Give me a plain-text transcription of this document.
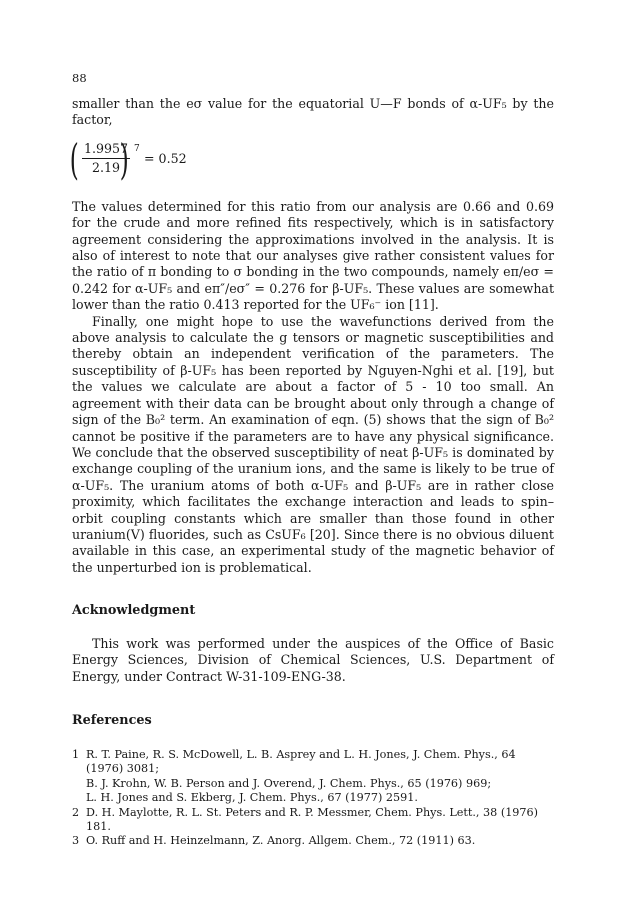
88

smaller than the eσ value for the equatorial U—F bonds of α-UF₅ by the factor,

( $\frac{1.9957}{2.19}$
) 7
= 0.52

The values determined for this ratio from our analysis are 0.66 and 0.69 for the crude and more refined fits respectively, which is in satisfactory agreement considering the approximations involved in the analysis. It is also of interest to note that our analyses give rather consistent values for the ratio of π bonding to σ bonding in the two compounds, namely eπ/eσ = 0.242 for α-UF₅ and eπ″/eσ″ = 0.276 for β-UF₅. These values are somewhat lower than the ratio 0.413 reported for the UF₆⁻ ion [11].

Finally, one might hope to use the wavefunctions derived from the above analysis to calculate the g tensors or magnetic susceptibilities and thereby obtain an independent verification of the parameters. The susceptibility of β-UF₅ has been reported by Nguyen-Nghi et al. [19], but the values we calculate are about a factor of 5 - 10 too small. An agreement with their data can be brought about only through a change of sign of the B₀² term. An examination of eqn. (5) shows that the sign of B₀² cannot be positive if the parameters are to have any physical significance. We conclude that the observed susceptibility of neat β-UF₅ is dominated by exchange coupling of the uranium ions, and the same is likely to be true of α-UF₅. The uranium atoms of both α-UF₅ and β-UF₅ are in rather close proximity, which facilitates the exchange interaction and leads to spin–orbit coupling constants which are smaller than those found in other uranium(V) fluorides, such as CsUF₆ [20]. Since there is no obvious diluent available in this case, an experimental study of the magnetic behavior of the unperturbed ion is problematical.

Acknowledgment

This work was performed under the auspices of the Office of Basic Energy Sciences, Division of Chemical Sciences, U.S. Department of Energy, under Contract W-31-109-ENG-38.

References
1 R. T. Paine, R. S. McDowell, L. B. Asprey and L. H. Jones, J. Chem. Phys., 64 (1976) 3081;
B. J. Krohn, W. B. Person and J. Overend, J. Chem. Phys., 65 (1976) 969;
L. H. Jones and S. Ekberg, J. Chem. Phys., 67 (1977) 2591.
2 D. H. Maylotte, R. L. St. Peters and R. P. Messmer, Chem. Phys. Lett., 38 (1976) 181.
3 O. Ruff and H. Heinzelmann, Z. Anorg. Allgem. Chem., 72 (1911) 63.
